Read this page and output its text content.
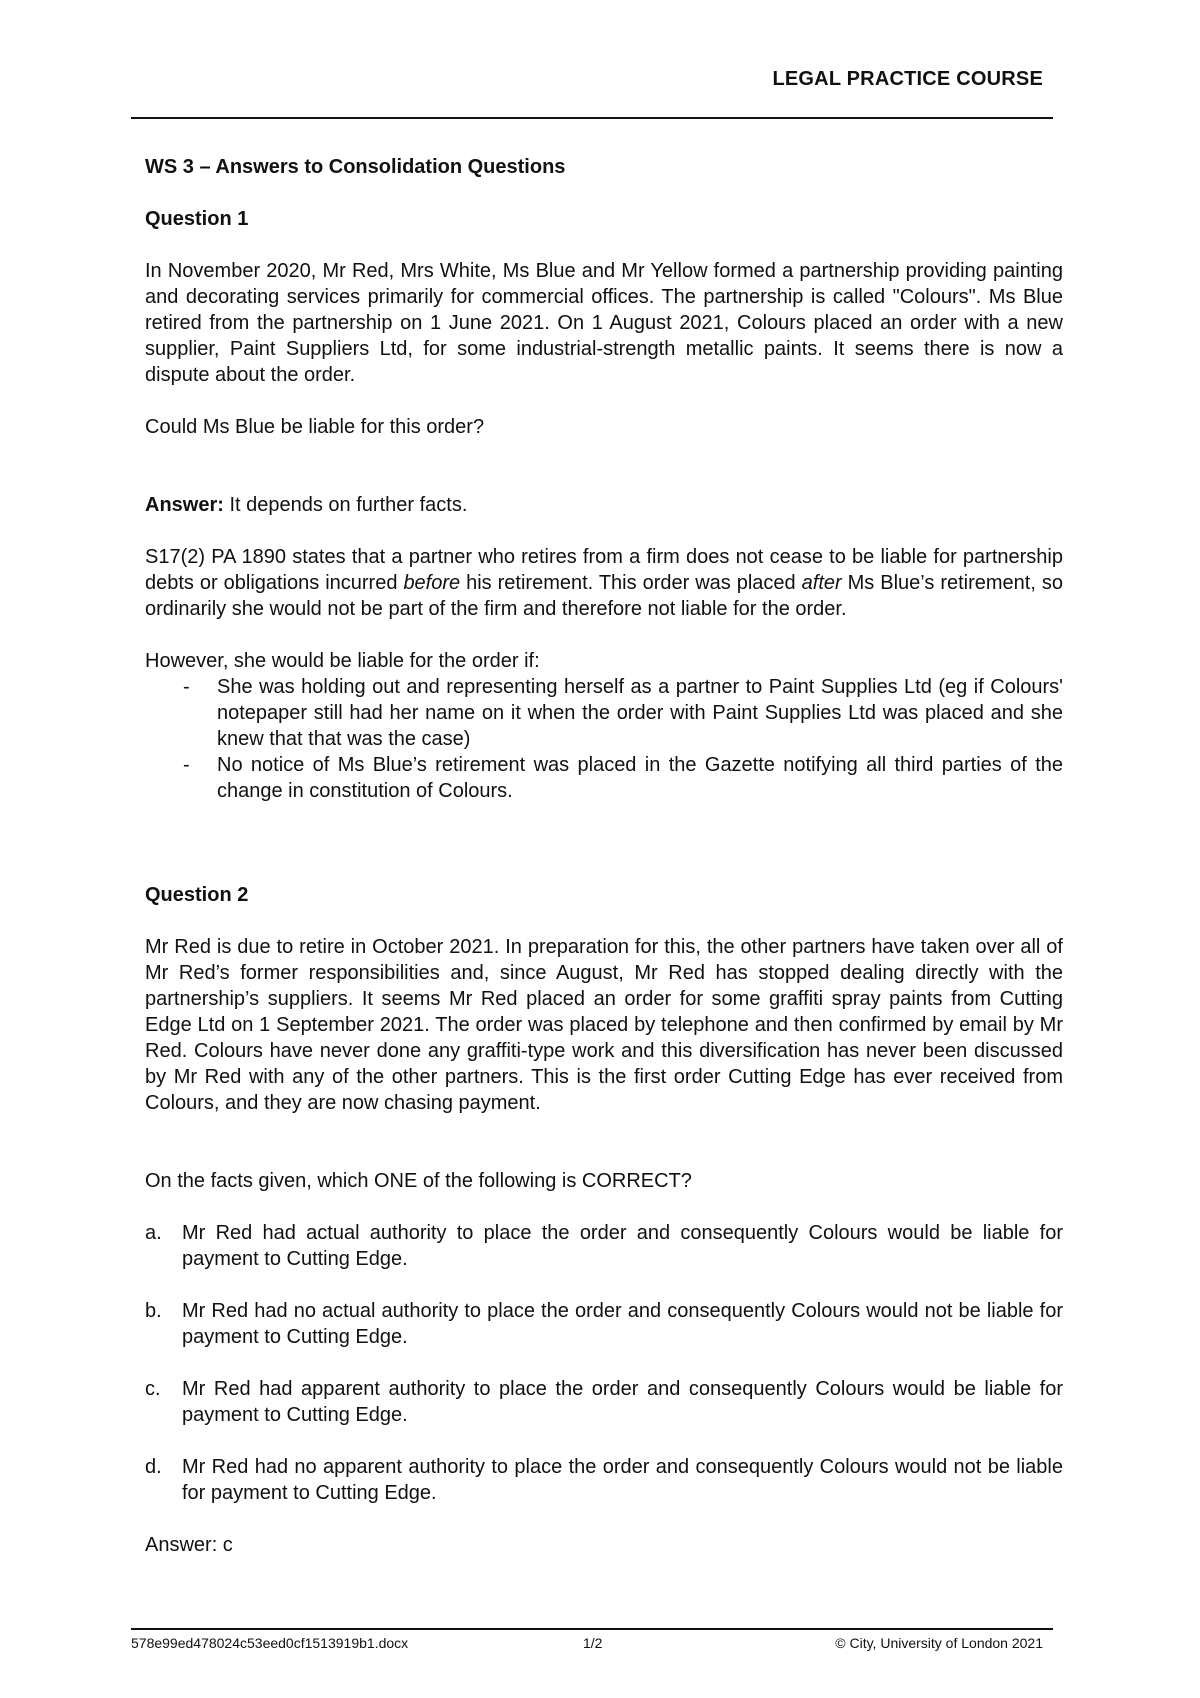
LEGAL PRACTICE COURSE

WS 3 – Answers to Consolidation Questions

Question 1

In November 2020, Mr Red, Mrs White, Ms Blue and Mr Yellow formed a partnership providing painting and decorating services primarily for commercial offices. The partnership is called "Colours". Ms Blue retired from the partnership on 1 June 2021. On 1 August 2021, Colours placed an order with a new supplier, Paint Suppliers Ltd, for some industrial-strength metallic paints. It seems there is now a dispute about the order.

Could Ms Blue be liable for this order?

Answer: It depends on further facts.

S17(2) PA 1890 states that a partner who retires from a firm does not cease to be liable for partnership debts or obligations incurred before his retirement. This order was placed after Ms Blue’s retirement, so ordinarily she would not be part of the firm and therefore not liable for the order.

However, she would be liable for the order if:

- She was holding out and representing herself as a partner to Paint Supplies Ltd (eg if Colours' notepaper still had her name on it when the order with Paint Supplies Ltd was placed and she knew that that was the case)
- No notice of Ms Blue’s retirement was placed in the Gazette notifying all third parties of the change in constitution of Colours.

Question 2

Mr Red is due to retire in October 2021. In preparation for this, the other partners have taken over all of Mr Red’s former responsibilities and, since August, Mr Red has stopped dealing directly with the partnership’s suppliers. It seems Mr Red placed an order for some graffiti spray paints from Cutting Edge Ltd on 1 September 2021. The order was placed by telephone and then confirmed by email by Mr Red. Colours have never done any graffiti-type work and this diversification has never been discussed by Mr Red with any of the other partners. This is the first order Cutting Edge has ever received from Colours, and they are now chasing payment.

On the facts given, which ONE of the following is CORRECT?

a. Mr Red had actual authority to place the order and consequently Colours would be liable for payment to Cutting Edge.
b. Mr Red had no actual authority to place the order and consequently Colours would not be liable for payment to Cutting Edge.
c. Mr Red had apparent authority to place the order and consequently Colours would be liable for payment to Cutting Edge.
d. Mr Red had no apparent authority to place the order and consequently Colours would not be liable for payment to Cutting Edge.

Answer: c

578e99ed478024c53eed0cf1513919b1.docx	1/2	© City, University of London 2021
